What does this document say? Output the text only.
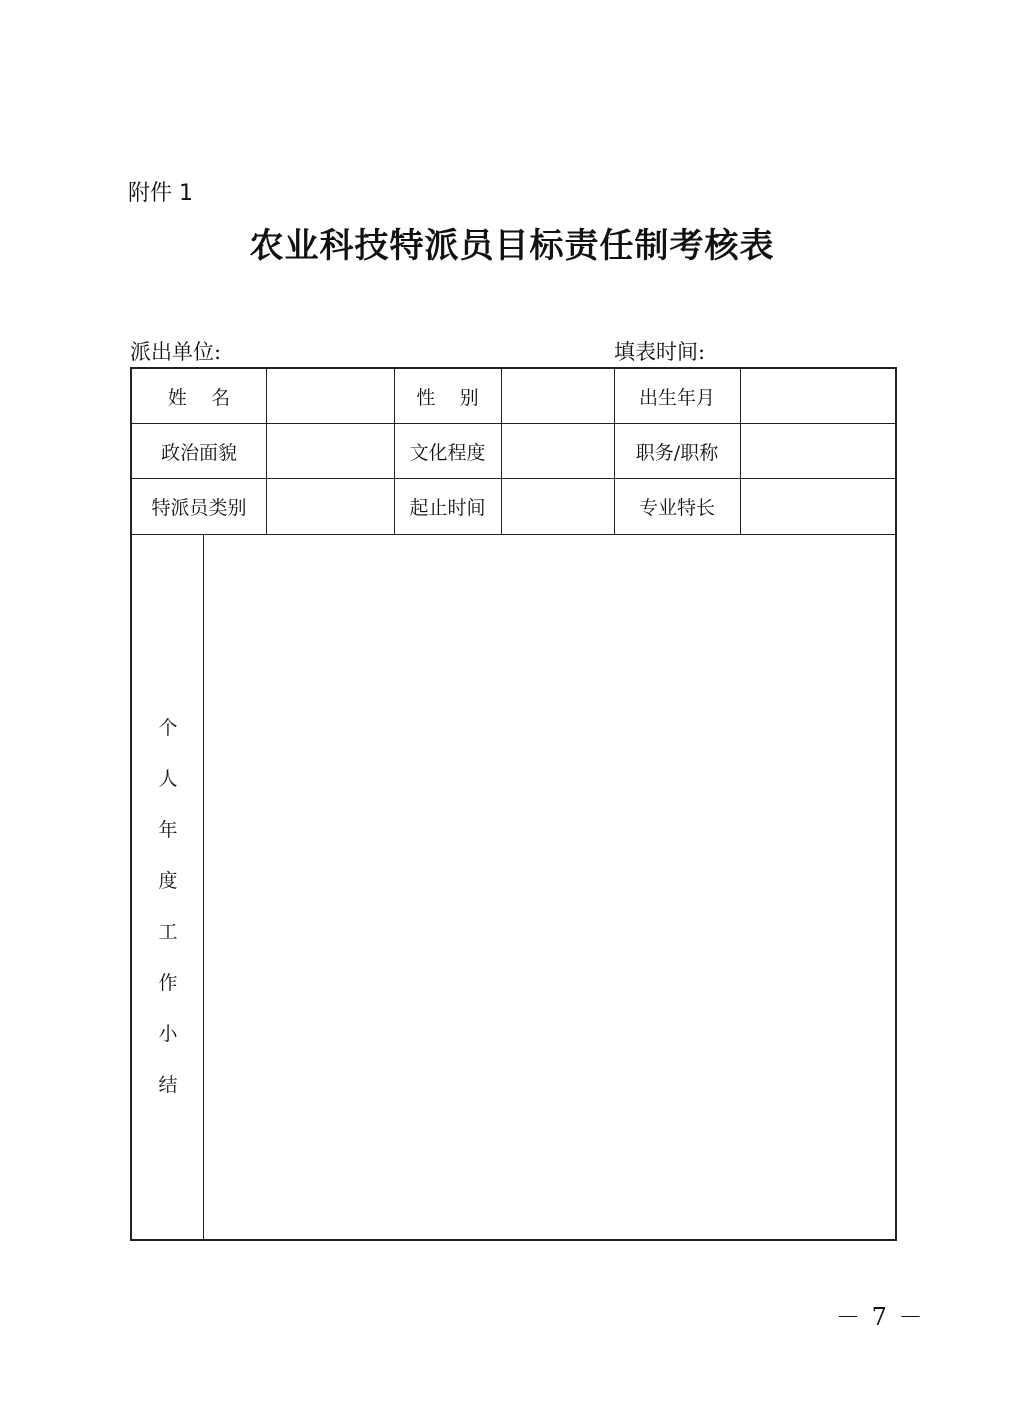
附件 1
农业科技特派员目标责任制考核表
派出单位:	填表时间:
姓    名	性    别	出生年月
政治面貌	文化程度	职务/职称
特派员类别	起止时间	专业特长
个
人
年
度
工
作
小
结
－ 7 －
